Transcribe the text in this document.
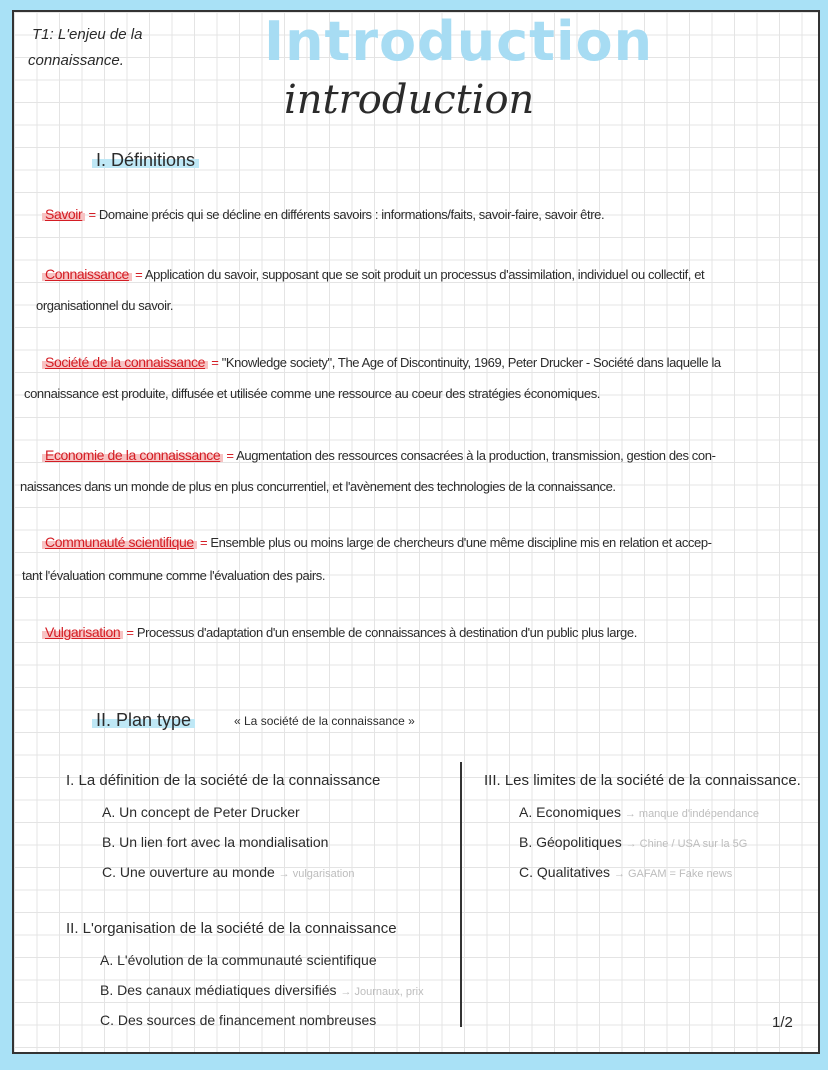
T1: L'enjeu de la
connaissance.	Introduction
introduction
I. Définitions
Savoir = Domaine précis qui se décline en différents savoirs : informations/faits, savoir-faire, savoir être.
Connaissance = Application du savoir, supposant que se soit produit un processus d'assimilation, individuel ou collectif, et
organisationnel du savoir.
Société de la connaissance = "Knowledge society", The Age of Discontinuity, 1969, Peter Drucker - Société dans laquelle la
connaissance est produite, diffusée et utilisée comme une ressource au coeur des stratégies économiques.
Economie de la connaissance = Augmentation des ressources consacrées à la production, transmission, gestion des con-
naissances dans un monde de plus en plus concurrentiel, et l'avènement des technologies de la connaissance.
Communauté scientifique = Ensemble plus ou moins large de chercheurs d'une même discipline mis en relation et accep-
tant l'évaluation commune comme l'évaluation des pairs.
Vulgarisation = Processus d'adaptation d'un ensemble de connaissances à destination d'un public plus large.
II. Plan type	« La société de la connaissance »
I. La définition de la société de la connaissance
A. Un concept de Peter Drucker
B. Un lien fort avec la mondialisation
C. Une ouverture au monde → vulgarisation
II. L'organisation de la société de la connaissance
A. L'évolution de la communauté scientifique
B. Des canaux médiatiques diversifiés → Journaux, prix
C. Des sources de financement nombreuses
III. Les limites de la société de la connaissance.
A. Economiques → manque d'indépendance
B. Géopolitiques → Chine / USA sur la 5G
C. Qualitatives → GAFAM = Fake news
1/2
